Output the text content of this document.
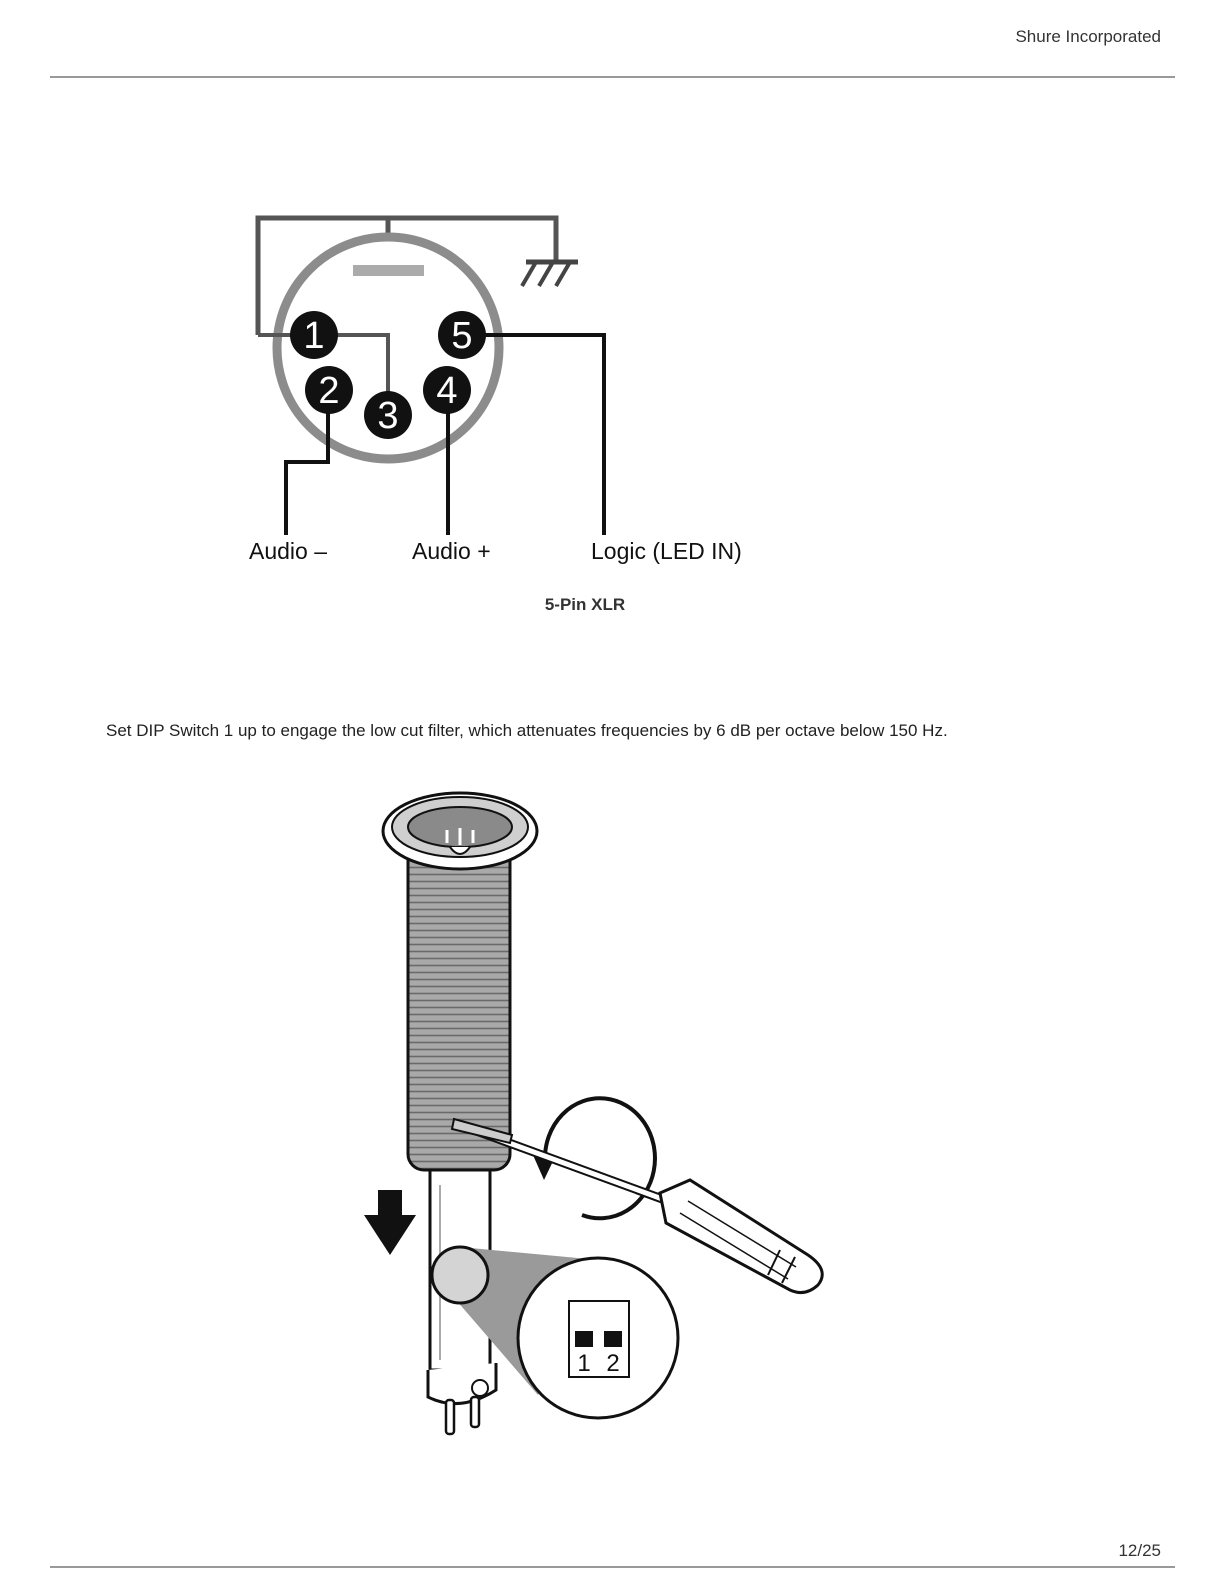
Shure Incorporated
1
2
3
4
5
Audio –	Audio +	Logic (LED IN)
5-Pin XLR
Set DIP Switch 1 up to engage the low cut filter, which attenuates frequencies by 6 dB per octave below 150 Hz.
1 2
12/25
